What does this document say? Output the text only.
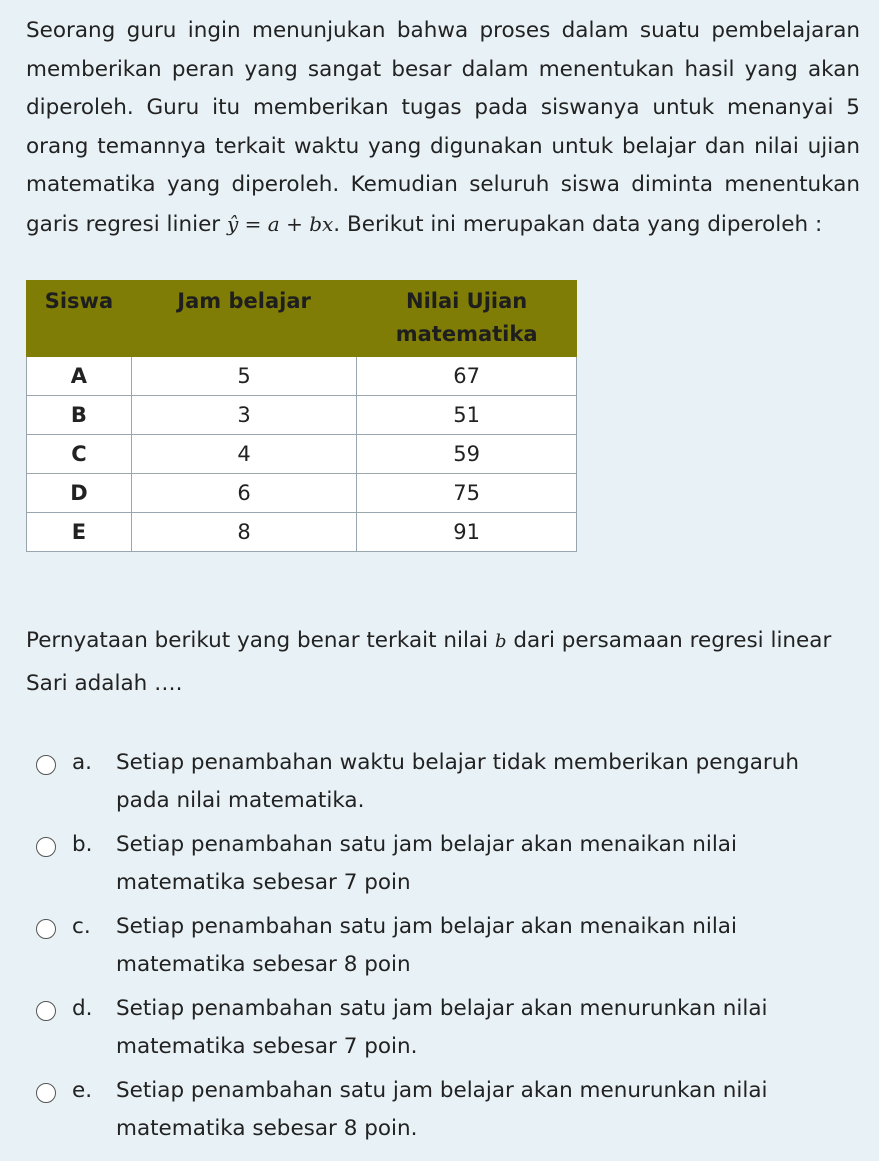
Seorang guru ingin menunjukan bahwa proses dalam suatu pembelajaran memberikan peran yang sangat besar dalam menentukan hasil yang akan diperoleh. Guru itu memberikan tugas pada siswanya untuk menanyai 5 orang temannya terkait waktu yang digunakan untuk belajar dan nilai ujian matematika yang diperoleh. Kemudian seluruh siswa diminta menentukan garis regresi linier ŷ = a + bx. Berikut ini merupakan data yang diperoleh :

Siswa	Jam belajar	Nilai Ujian matematika
A	5	67
B	3	51
C	4	59
D	6	75
E	8	91

Pernyataan berikut yang benar terkait nilai b dari persamaan regresi linear Sari adalah ….

a.	Setiap penambahan waktu belajar tidak memberikan pengaruh pada nilai matematika.
b.	Setiap penambahan satu jam belajar akan menaikan nilai matematika sebesar 7 poin
c.	Setiap penambahan satu jam belajar akan menaikan nilai matematika sebesar 8 poin
d.	Setiap penambahan satu jam belajar akan menurunkan nilai matematika sebesar 7 poin.
e.	Setiap penambahan satu jam belajar akan menurunkan nilai matematika sebesar 8 poin.
